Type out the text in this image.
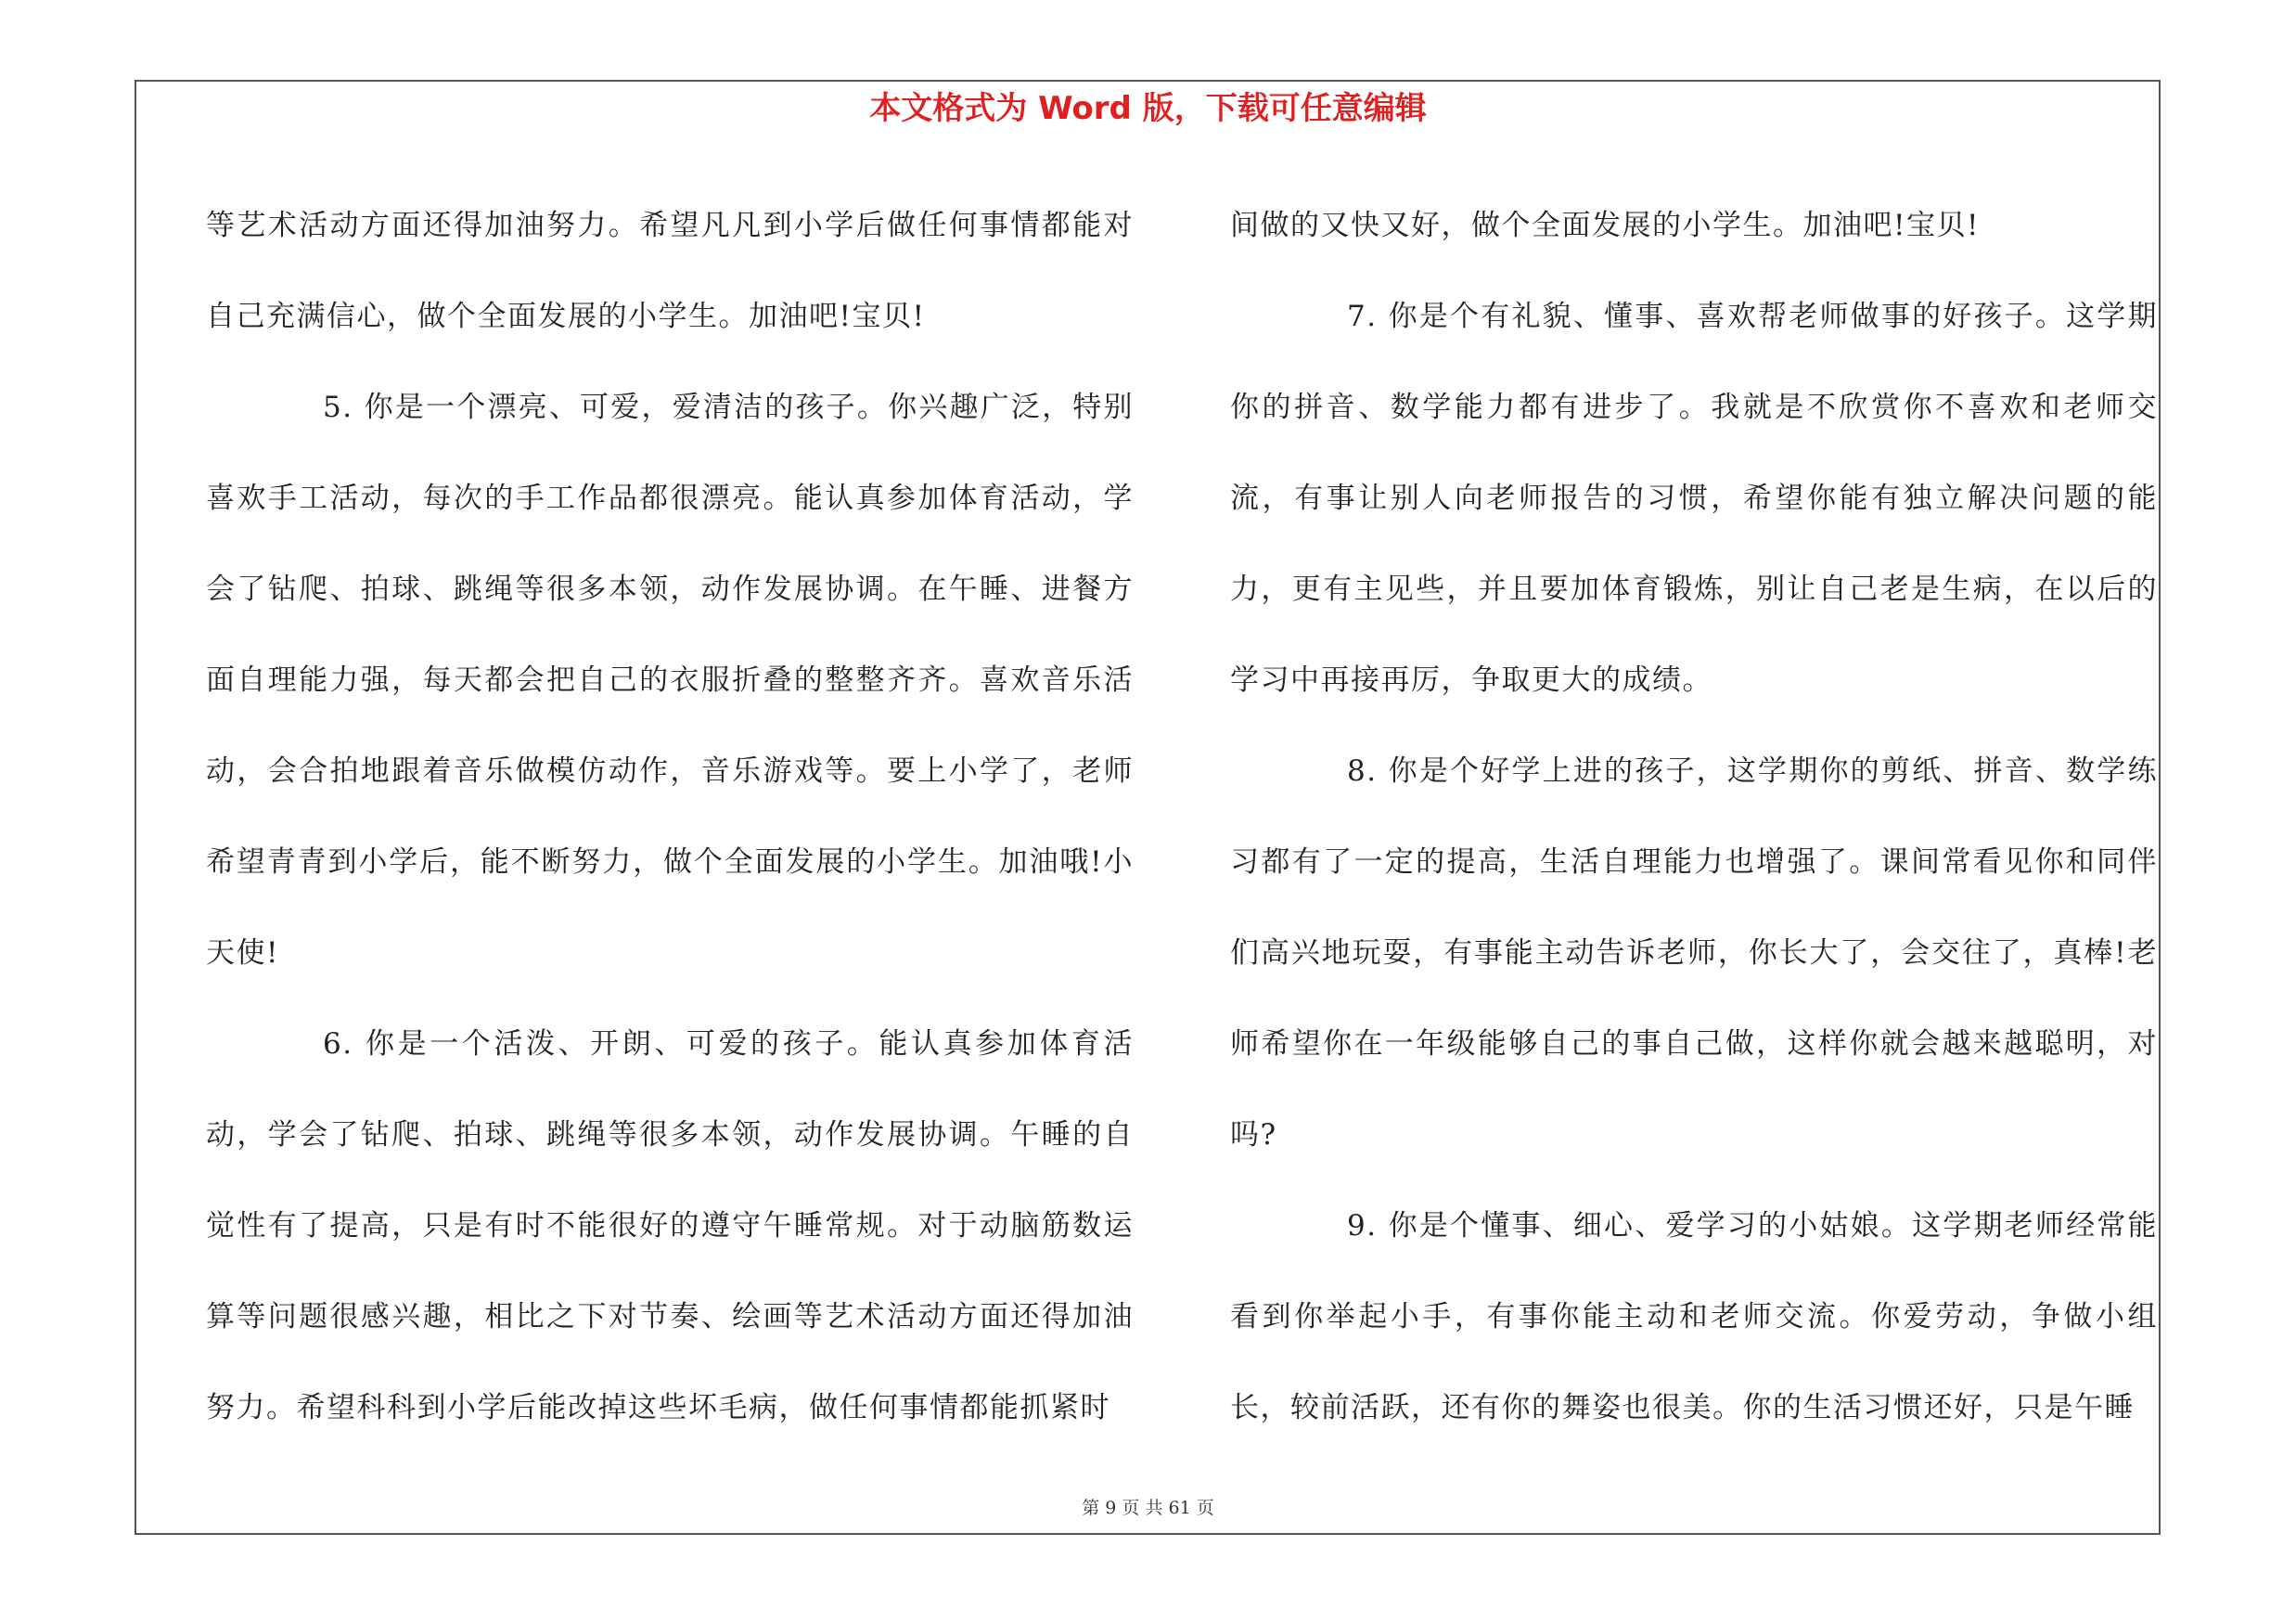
本文格式为 Word 版，下载可任意编辑

等艺术活动方面还得加油努力。希望凡凡到小学后做任何事情都能对自己充满信心，做个全面发展的小学生。加油吧!宝贝!

5. 你是一个漂亮、可爱，爱清洁的孩子。你兴趣广泛，特别喜欢手工活动，每次的手工作品都很漂亮。能认真参加体育活动，学会了钻爬、拍球、跳绳等很多本领，动作发展协调。在午睡、进餐方面自理能力强，每天都会把自己的衣服折叠的整整齐齐。喜欢音乐活动，会合拍地跟着音乐做模仿动作，音乐游戏等。要上小学了，老师希望青青到小学后，能不断努力，做个全面发展的小学生。加油哦!小天使!

6. 你是一个活泼、开朗、可爱的孩子。能认真参加体育活动，学会了钻爬、拍球、跳绳等很多本领，动作发展协调。午睡的自觉性有了提高，只是有时不能很好的遵守午睡常规。对于动脑筋数运算等问题很感兴趣，相比之下对节奏、绘画等艺术活动方面还得加油努力。希望科科到小学后能改掉这些坏毛病，做任何事情都能抓紧时

间做的又快又好，做个全面发展的小学生。加油吧!宝贝!

7. 你是个有礼貌、懂事、喜欢帮老师做事的好孩子。这学期你的拼音、数学能力都有进步了。我就是不欣赏你不喜欢和老师交流，有事让别人向老师报告的习惯，希望你能有独立解决问题的能力，更有主见些，并且要加体育锻炼，别让自己老是生病，在以后的学习中再接再厉，争取更大的成绩。

8. 你是个好学上进的孩子，这学期你的剪纸、拼音、数学练习都有了一定的提高，生活自理能力也增强了。课间常看见你和同伴们高兴地玩耍，有事能主动告诉老师，你长大了，会交往了，真棒!老师希望你在一年级能够自己的事自己做，这样你就会越来越聪明，对吗?

9. 你是个懂事、细心、爱学习的小姑娘。这学期老师经常能看到你举起小手，有事你能主动和老师交流。你爱劳动，争做小组长，较前活跃，还有你的舞姿也很美。你的生活习惯还好，只是午睡

第 9 页 共 61 页
